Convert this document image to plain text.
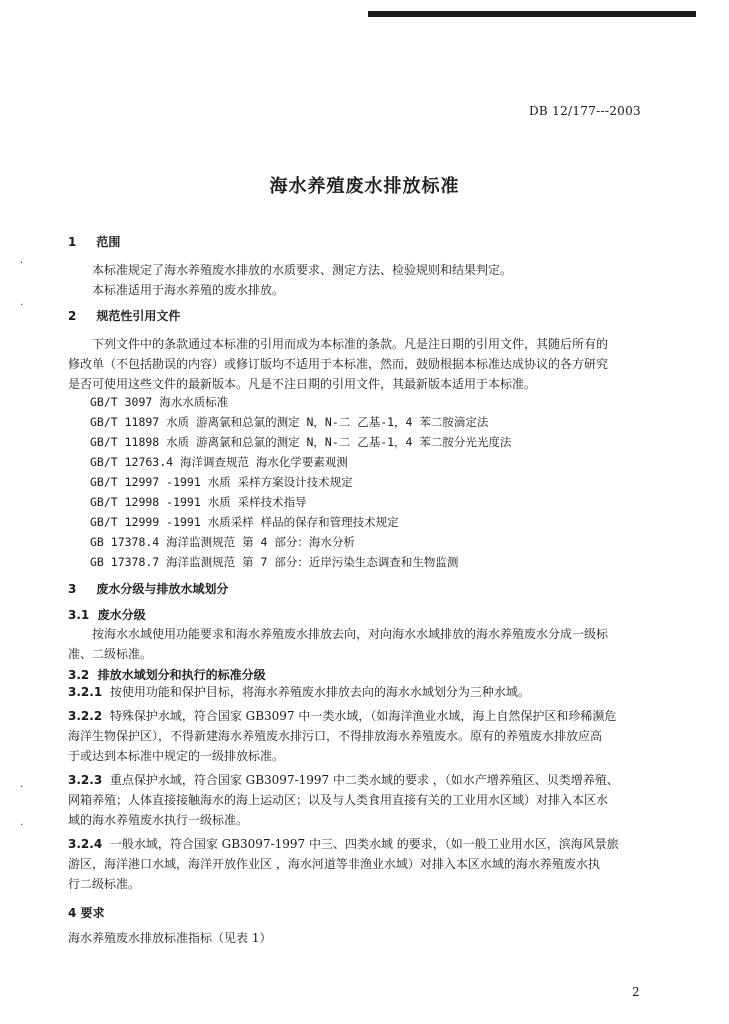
DB 12/177---2003
海水养殖废水排放标准
1 范围
本标准规定了海水养殖废水排放的水质要求、测定方法、检验规则和结果判定。
本标准适用于海水养殖的废水排放。
2 规范性引用文件
下列文件中的条款通过本标准的引用而成为本标准的条款。凡是注日期的引用文件，其随后所有的
修改单（不包括勘误的内容）或修订版均不适用于本标准，然而，鼓励根据本标准达成协议的各方研究
是否可使用这些文件的最新版本。凡是不注日期的引用文件，其最新版本适用于本标准。
GB/T 3097 海水水质标准
GB/T 11897 水质 游离氯和总氯的测定 N，N-二 乙基-1，4 苯二胺滴定法
GB/T 11898 水质 游离氯和总氯的测定 N，N-二 乙基-1，4 苯二胺分光光度法
GB/T 12763.4 海洋调查规范 海水化学要素观测
GB/T 12997 -1991 水质 采样方案设计技术规定
GB/T 12998 -1991 水质 采样技术指导
GB/T 12999 -1991 水质采样 样品的保存和管理技术规定
GB 17378.4 海洋监测规范 第 4 部分：海水分析
GB 17378.7 海洋监测规范 第 7 部分：近岸污染生态调查和生物监测
3 废水分级与排放水域划分
3.1 废水分级
按海水水域使用功能要求和海水养殖废水排放去向，对向海水水域排放的海水养殖废水分成一级标
准、二级标准。
3.2 排放水域划分和执行的标准分级
3.2.1 按使用功能和保护目标，将海水养殖废水排放去向的海水水域划分为三种水域。
3.2.2 特殊保护水域，符合国家 GB3097 中一类水域，（如海洋渔业水域，海上自然保护区和珍稀濒危
海洋生物保护区），不得新建海水养殖废水排污口，不得排放海水养殖废水。原有的养殖废水排放应高
于或达到本标准中规定的一级排放标准。
3.2.3 重点保护水域，符合国家 GB3097-1997 中二类水域的要求 ，（如水产增养殖区、贝类增养殖、
网箱养殖；人体直接接触海水的海上运动区；以及与人类食用直接有关的工业用水区域）对排入本区水
域的海水养殖废水执行一级标准。
3.2.4 一般水域，符合国家 GB3097-1997 中三、四类水域 的要求，（如一般工业用水区，滨海风景旅
游区，海洋港口水域，海洋开放作业区 ，海水河道等非渔业水域）对排入本区水域的海水养殖废水执
行二级标准。
4 要求
海水养殖废水排放标准指标（见表 1）
·
·
·
·
2
